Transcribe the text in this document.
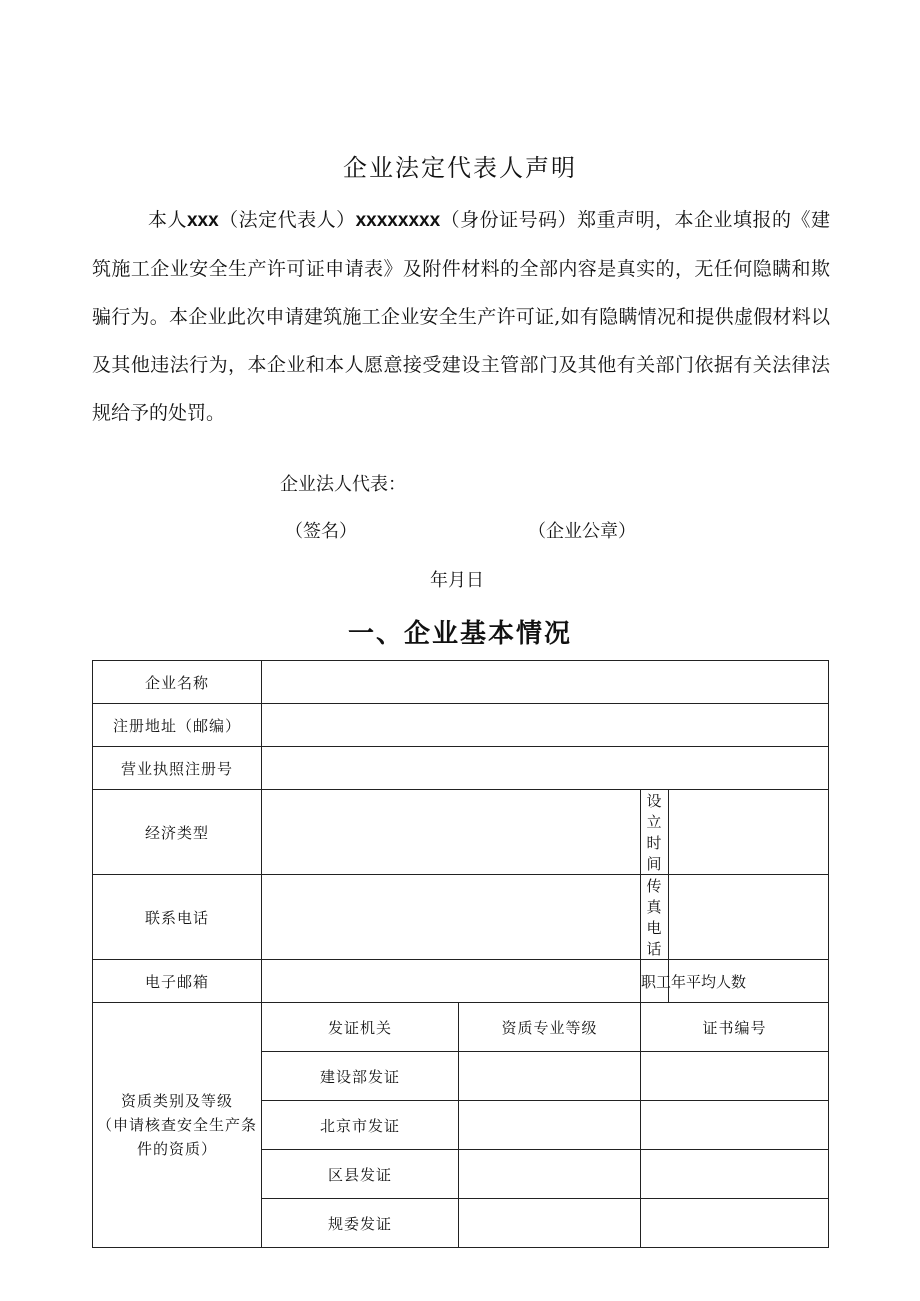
企业法定代表人声明
本人xxx（法定代表人）xxxxxxxx（身份证号码）郑重声明，本企业填报的《建筑施工企业安全生产许可证申请表》及附件材料的全部内容是真实的，无任何隐瞒和欺骗行为。本企业此次申请建筑施工企业安全生产许可证,如有隐瞒情况和提供虚假材料以及其他违法行为，本企业和本人愿意接受建设主管部门及其他有关部门依据有关法律法规给予的处罚。
企业法人代表：
（签名）	（企业公章）
年月日
一、企业基本情况
企业名称				
注册地址（邮编）				
营业执照注册号				
经济类型			设立时间	
联系电话			传真电话	
电子邮箱			职工年平均人数	

资质类别及等级
（申请核查安全生产条件的资质）	发证机关	资质专业等级	证书编号	
	建设部发证			
	北京市发证			
	区县发证			
	规委发证			
